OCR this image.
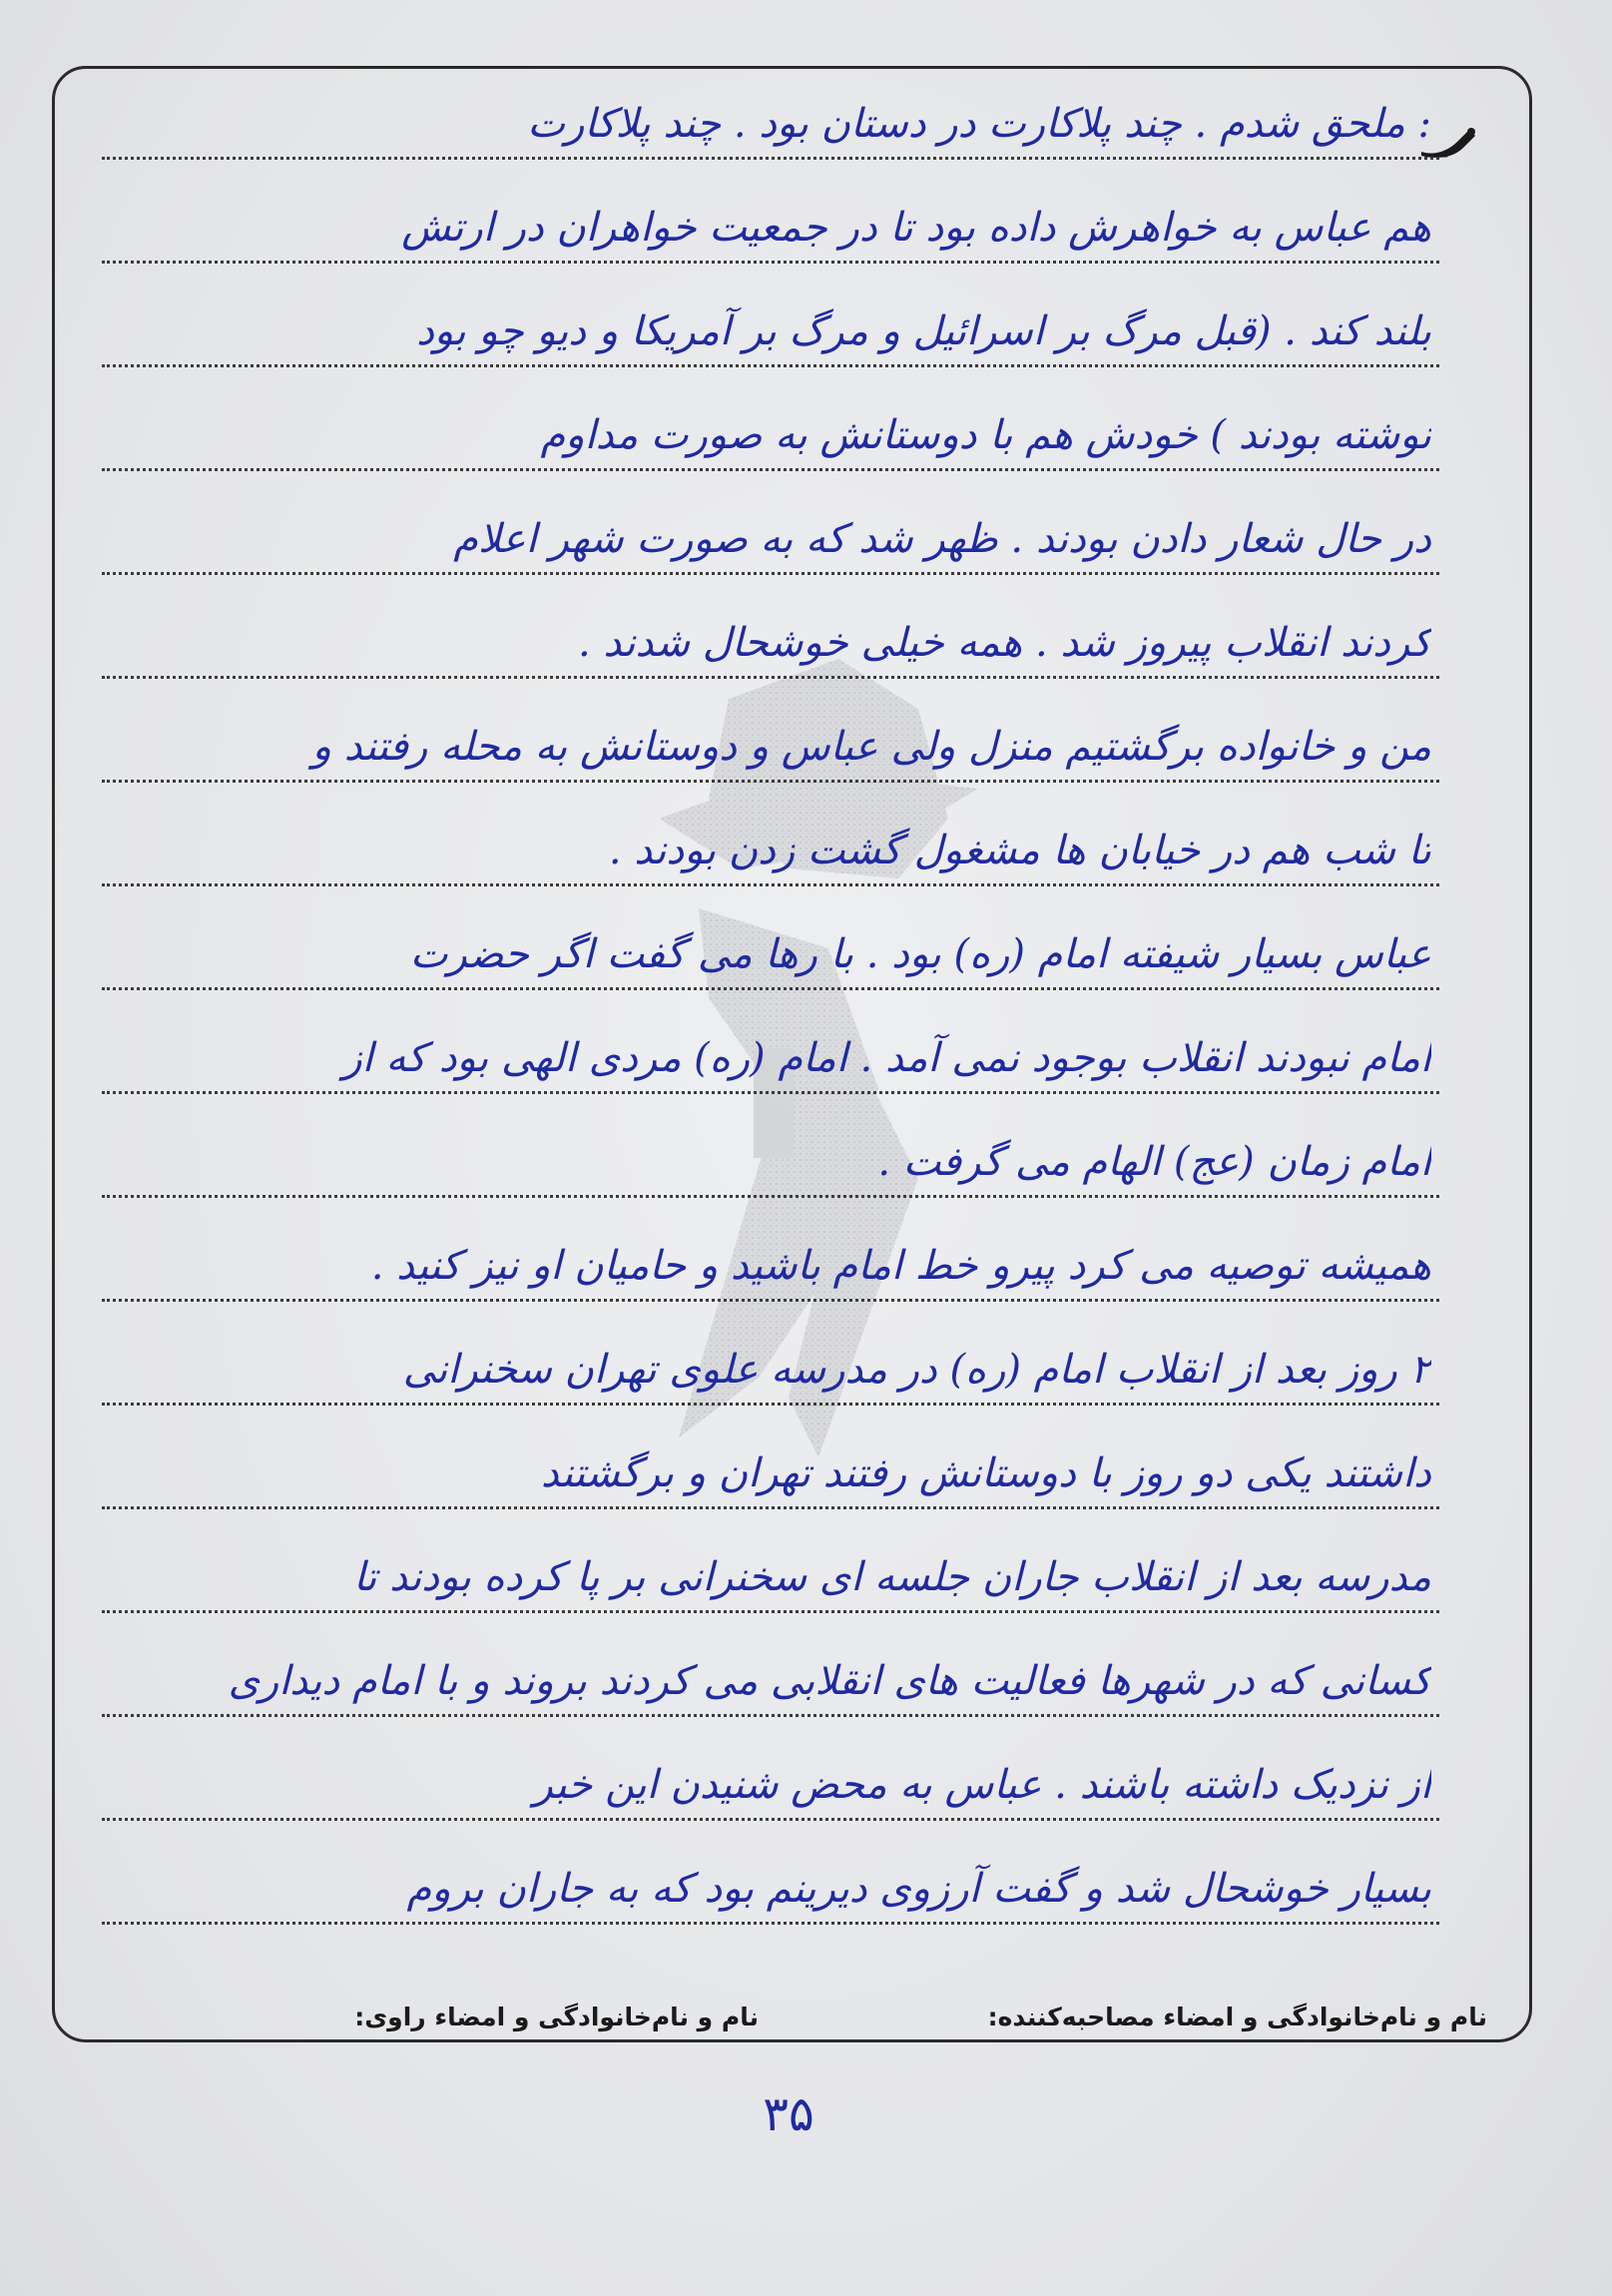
: ملحق شدم . چند پلاکارت در دستان بود . چند پلاکارت
هم عباس به خواهرش داده بود تا در جمعیت خواهران در ارتش
بلند کند . (قبل مرگ بر اسرائیل و مرگ بر آمریکا و دیو چو بود
نوشته بودند ) خودش هم با دوستانش به صورت مداوم
در حال شعار دادن بودند . ظهر شد که به صورت شهر اعلام
کردند انقلاب پیروز شد . همه خیلی خوشحال شدند .
من و خانواده برگشتیم منزل ولی عباس و دوستانش به محله رفتند و
تا شب هم در خیابان ها مشغول گشت زدن بودند .
عباس بسیار شیفته امام (ره) بود . با رها می گفت اگر حضرت
امام نبودند انقلاب بوجود نمی آمد . امام (ره) مردی الهی بود که از
امام زمان (عج) الهام می گرفت .
همیشه توصیه می کرد پیرو خط امام باشید و حامیان او نیز کنید .
۲ روز بعد از انقلاب امام (ره) در مدرسه علوی تهران سخنرانی
داشتند یکی دو روز با دوستانش رفتند تهران و برگشتند
مدرسه بعد از انقلاب جاران جلسه ای سخنرانی بر پا کرده بودند تا
کسانی که در شهرها فعالیت های انقلابی می کردند بروند و با امام دیداری
از نزدیک داشته باشند . عباس به محض شنیدن این خبر
بسیار خوشحال شد و گفت آرزوی دیرینم بود که به جاران بروم
نام و نام‌خانوادگی و امضاء مصاحبه‌کننده:
نام و نام‌خانوادگی و امضاء راوی:
۳۵
